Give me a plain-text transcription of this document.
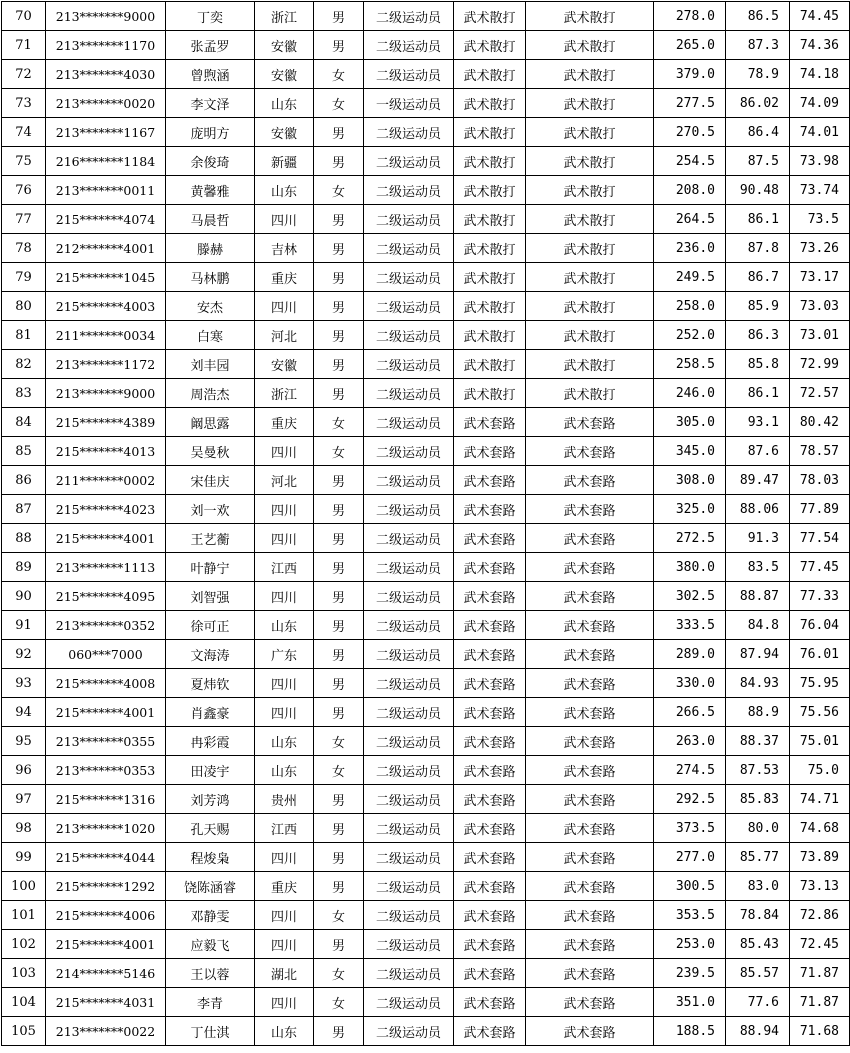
70	213*******9000	丁奕	浙江	男	二级运动员	武术散打	武术散打	278.0	86.5	74.45
71	213*******1170	张孟罗	安徽	男	二级运动员	武术散打	武术散打	265.0	87.3	74.36
72	213*******4030	曾煦涵	安徽	女	二级运动员	武术散打	武术散打	379.0	78.9	74.18
73	213*******0020	李文泽	山东	女	一级运动员	武术散打	武术散打	277.5	86.02	74.09
74	213*******1167	庞明方	安徽	男	二级运动员	武术散打	武术散打	270.5	86.4	74.01
75	216*******1184	余俊琦	新疆	男	二级运动员	武术散打	武术散打	254.5	87.5	73.98
76	213*******0011	黄馨雅	山东	女	二级运动员	武术散打	武术散打	208.0	90.48	73.74
77	215*******4074	马晨哲	四川	男	二级运动员	武术散打	武术散打	264.5	86.1	73.5
78	212*******4001	滕赫	吉林	男	二级运动员	武术散打	武术散打	236.0	87.8	73.26
79	215*******1045	马林鹏	重庆	男	二级运动员	武术散打	武术散打	249.5	86.7	73.17
80	215*******4003	安杰	四川	男	二级运动员	武术散打	武术散打	258.0	85.9	73.03
81	211*******0034	白寒	河北	男	二级运动员	武术散打	武术散打	252.0	86.3	73.01
82	213*******1172	刘丰园	安徽	男	二级运动员	武术散打	武术散打	258.5	85.8	72.99
83	213*******9000	周浩杰	浙江	男	二级运动员	武术散打	武术散打	246.0	86.1	72.57
84	215*******4389	阚思露	重庆	女	二级运动员	武术套路	武术套路	305.0	93.1	80.42
85	215*******4013	吴曼秋	四川	女	二级运动员	武术套路	武术套路	345.0	87.6	78.57
86	211*******0002	宋佳庆	河北	男	二级运动员	武术套路	武术套路	308.0	89.47	78.03
87	215*******4023	刘一欢	四川	男	二级运动员	武术套路	武术套路	325.0	88.06	77.89
88	215*******4001	王艺蘅	四川	男	二级运动员	武术套路	武术套路	272.5	91.3	77.54
89	213*******1113	叶静宁	江西	男	二级运动员	武术套路	武术套路	380.0	83.5	77.45
90	215*******4095	刘智强	四川	男	二级运动员	武术套路	武术套路	302.5	88.87	77.33
91	213*******0352	徐可正	山东	男	二级运动员	武术套路	武术套路	333.5	84.8	76.04
92	060***7000	文海涛	广东	男	二级运动员	武术套路	武术套路	289.0	87.94	76.01
93	215*******4008	夏炜钦	四川	男	二级运动员	武术套路	武术套路	330.0	84.93	75.95
94	215*******4001	肖鑫豪	四川	男	二级运动员	武术套路	武术套路	266.5	88.9	75.56
95	213*******0355	冉彩霞	山东	女	二级运动员	武术套路	武术套路	263.0	88.37	75.01
96	213*******0353	田凌宇	山东	女	二级运动员	武术套路	武术套路	274.5	87.53	75.0
97	215*******1316	刘芳鸿	贵州	男	二级运动员	武术套路	武术套路	292.5	85.83	74.71
98	213*******1020	孔天赐	江西	男	二级运动员	武术套路	武术套路	373.5	80.0	74.68
99	215*******4044	程焌枭	四川	男	二级运动员	武术套路	武术套路	277.0	85.77	73.89
100	215*******1292	饶陈涵睿	重庆	男	二级运动员	武术套路	武术套路	300.5	83.0	73.13
101	215*******4006	邓静雯	四川	女	二级运动员	武术套路	武术套路	353.5	78.84	72.86
102	215*******4001	应毅飞	四川	男	二级运动员	武术套路	武术套路	253.0	85.43	72.45
103	214*******5146	王以蓉	湖北	女	二级运动员	武术套路	武术套路	239.5	85.57	71.87
104	215*******4031	李青	四川	女	二级运动员	武术套路	武术套路	351.0	77.6	71.87
105	213*******0022	丁仕淇	山东	男	二级运动员	武术套路	武术套路	188.5	88.94	71.68
